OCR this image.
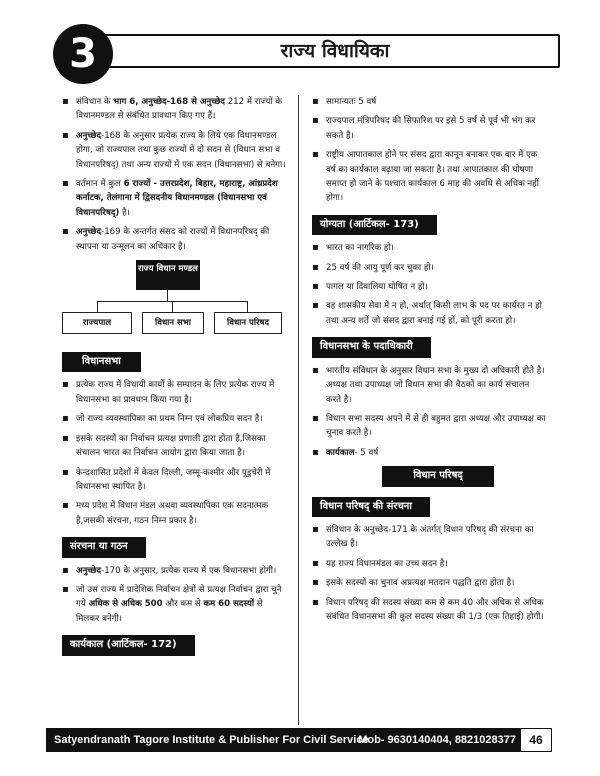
3	राज्य विधायिका
▪ संविधान के भाग 6, अनुच्छेद-168 से अनुच्छेद 212 में राज्यों के विधानमण्डल से संबंधित प्रावधान किए गए हैं।
▪ अनुच्छेद-168 के अनुसार प्रत्येक राज्य के लिये एक विधानमण्डल होगा, जो राज्यपाल तथा कुछ राज्यों में दो सदन से (विधान सभा व विधानपरिषद्) तथा अन्य राज्यों में एक सदन (विधानसभा) से बनेगा।
▪ वर्तमान में कुल 6 राज्यों - उत्तरप्रदेश, बिहार, महाराष्ट्र, आंध्रप्रदेश कर्नाटक, तेलंगाना में द्विसदनीय विधानमण्डल (विधानसभा एवं विधानपरिषद्) है।
▪ अनुच्छेद-169 के अन्तर्गत संसद को राज्यों में विधानपरिषद् की स्थापना या उन्मूलन का अधिकार है।
राज्य विधान मण्डल
राज्यपाल	विधान सभा	विधान परिषद
विधानसभा
▪ प्रत्येक राज्य में विधायी कार्यों के सम्पादन के लिए प्रत्येक राज्य में विधानसभा का प्रावधान किया गया है।
▪ जो राज्य व्यवस्थापिका का प्रथम निम्न एवं लोकप्रिय सदन है।
▪ इसके सदस्यों का निर्वाचन प्रत्यक्ष प्रणाली द्वारा होता है,जिसका संचालन भारत का निर्वाचन आयोग द्वारा किया जाता है।
▪ केन्द्रशासित प्रदेशों में केवल दिल्ली, जम्मू-कश्मीर और पुडुचेरी में विधानसभा स्थापित है।
▪ मध्य प्रदेश में विधान मंडल अथवा व्यवस्थापिका एक सदनात्मक है,जसकी संरचना, गठन निम्न प्रकार है।
संरचना या गठन
▪ अनुच्छेद-170 के अनुसार, प्रत्येक राज्य में एक विधानसभा होगी।
▪ जो उस राज्य में प्रादेशिक निर्वाचन क्षेत्रों से प्रत्यक्ष निर्वाचन द्वारा चुने गये अधिक से अधिक 500 और कम से कम 60 सदस्यों से मिलकर बनेगी।
कार्यकाल (आर्टिकल- 172)
▪ सामान्यतः 5 वर्ष
▪ राज्यपाल मंत्रिपरिषद की सिफारिश पर इसे 5 वर्ष से पूर्व भी भंग कर सकते है।
▪ राष्ट्रीय आपातकाल होने पर संसद द्वारा कानून बनाकर एक बार में एक वर्ष का कार्यकाल बढ़ाया जा सकता है। तथा आपातकाल की घोषणा समाप्त हो जाने के पश्चात कार्यकाल 6 माह की अवधि से अधिक नहीं होगा।
योग्यता (आर्टिकल- 173)
▪ भारत का नागरिक हो।
▪ 25 वर्ष की आयु पूर्ण कर चुका हो।
▪ पागल या दिवालिया घोषित न हो।
▪ वह शासकीय सेवा में न हो, अर्थात् किसी लाभ के पद पर कार्यरत न हो तथा अन्य शर्ते जो संसद द्वारा बनाई गई हों, को पूरी करता हो।
विधानसभा के पदाधिकारी
▪ भारतीय संविधान के अनुसार विधान सभा के मुख्य दो अधिकारी होते है। अध्यक्ष तथा उपाध्यक्ष जो विधान सभा की बैठकों का कार्य संचालन करते है।
▪ विधान सभा सदस्य अपने में से ही बहुमत द्वारा अध्यक्ष और उपाध्यक्ष का चुनाव करते है।
▪ कार्यकाल- 5 वर्ष
विधान परिषद्
विधान परिषद् की संरचना
▪ संविधान के अनुच्छेद-171 के अंतर्गत् विधान परिषद् की संरचना का उल्लेख है।
▪ यह राज्य विधानमंडल का उच्च सदन है।
▪ इसके सदस्यों का चुनाव अप्रत्यक्ष मतदान पद्धति द्वारा होता है।
▪ विधान परिषद् की सदस्य संख्या कम से कम 40 और अधिक से अधिक संबंधित विधानसभा की कुल सदस्य संख्या की 1/3 (एक तिहाई) होगी।
Satyendranath Tagore Institute & Publisher For Civil Service
Mob- 9630140404, 8821028377	46
